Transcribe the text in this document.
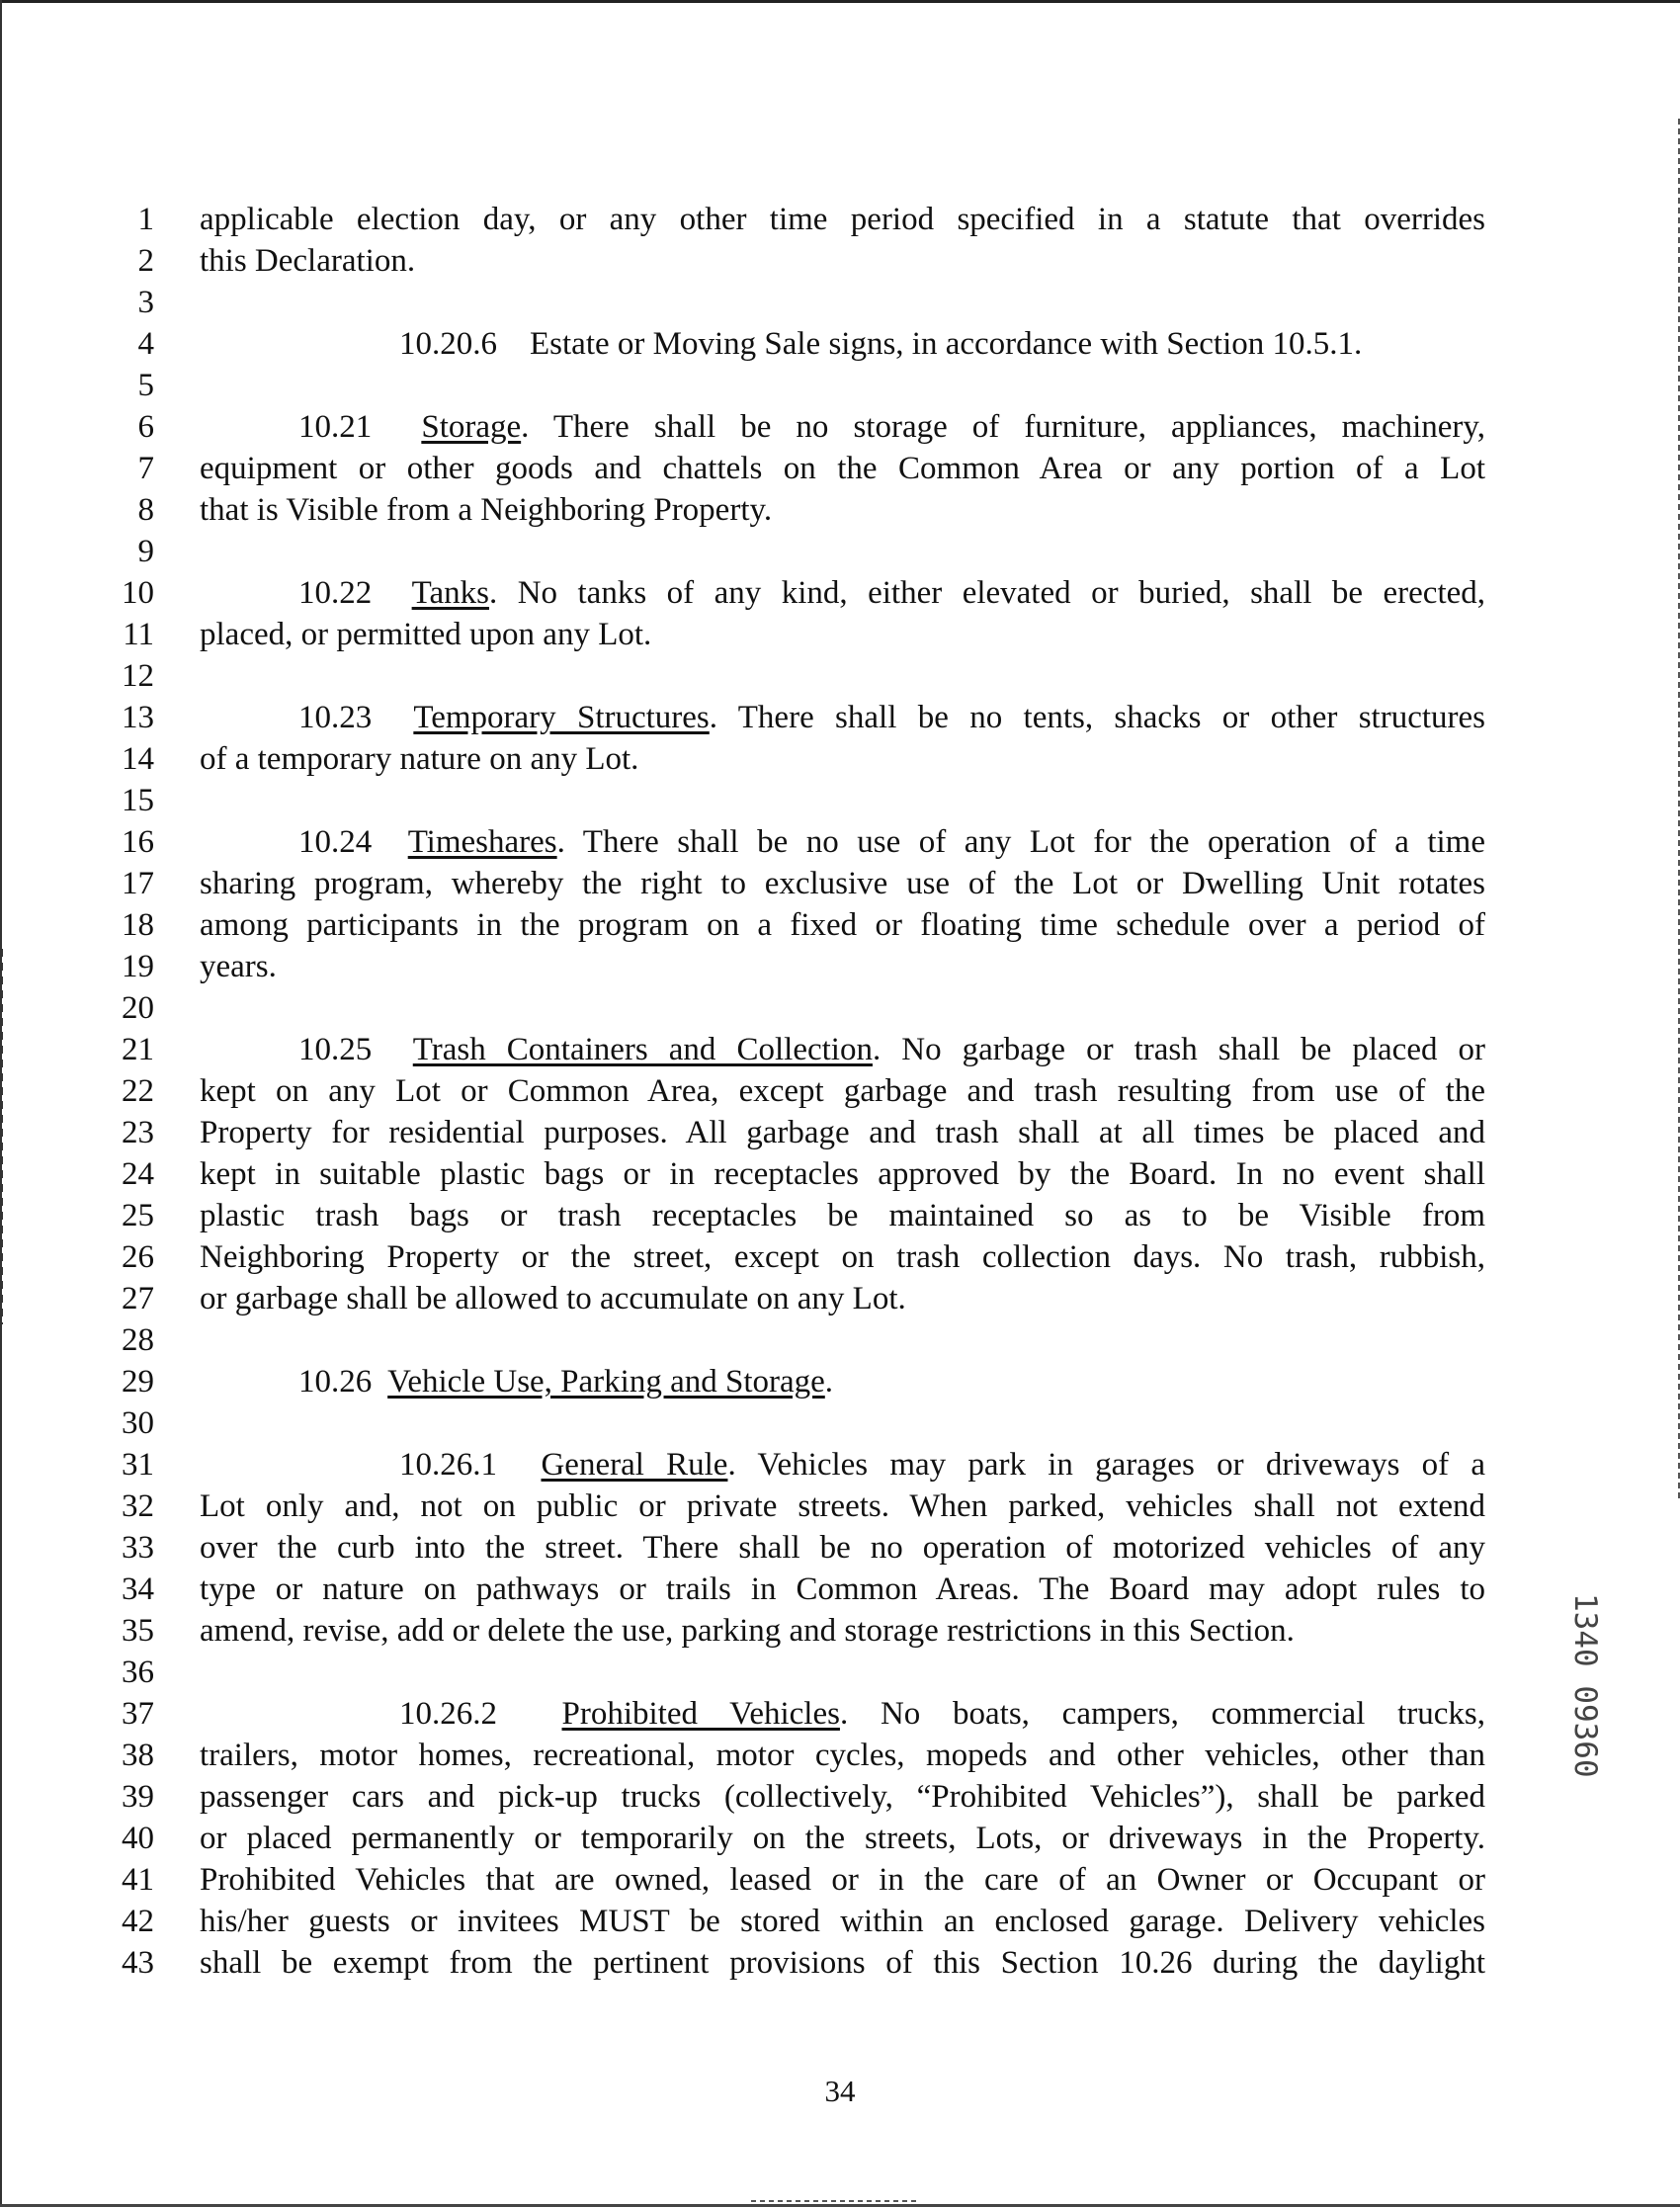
1 applicable election day, or any other time period specified in a statute that overrides
2 this Declaration.
3
4	10.20.6    Estate or Moving Sale signs, in accordance with Section 10.5.1.
5
6	10.21  Storage. There shall be no storage of furniture, appliances, machinery,
7 equipment or other goods and chattels on the Common Area or any portion of a Lot
8 that is Visible from a Neighboring Property.
9
10	10.22  Tanks. No tanks of any kind, either elevated or buried, shall be erected,
11 placed, or permitted upon any Lot.
12
13	10.23  Temporary Structures. There shall be no tents, shacks or other structures
14 of a temporary nature on any Lot.
15
16	10.24  Timeshares. There shall be no use of any Lot for the operation of a time
17 sharing program, whereby the right to exclusive use of the Lot or Dwelling Unit rotates
18 among participants in the program on a fixed or floating time schedule over a period of
19 years.
20
21	10.25  Trash Containers and Collection. No garbage or trash shall be placed or
22 kept on any Lot or Common Area, except garbage and trash resulting from use of the
23 Property for residential purposes. All garbage and trash shall at all times be placed and
24 kept in suitable plastic bags or in receptacles approved by the Board. In no event shall
25 plastic trash bags or trash receptacles be maintained so as to be Visible from
26 Neighboring Property or the street, except on trash collection days. No trash, rubbish,
27 or garbage shall be allowed to accumulate on any Lot.
28
29	10.26  Vehicle Use, Parking and Storage.
30
31	10.26.1  General Rule. Vehicles may park in garages or driveways of a
32 Lot only and, not on public or private streets. When parked, vehicles shall not extend
33 over the curb into the street. There shall be no operation of motorized vehicles of any
34 type or nature on pathways or trails in Common Areas. The Board may adopt rules to
35 amend, revise, add or delete the use, parking and storage restrictions in this Section.
36
37	10.26.2  Prohibited Vehicles. No boats, campers, commercial trucks,
38 trailers, motor homes, recreational, motor cycles, mopeds and other vehicles, other than
39 passenger cars and pick-up trucks (collectively, “Prohibited Vehicles”), shall be parked
40 or placed permanently or temporarily on the streets, Lots, or driveways in the Property.
41 Prohibited Vehicles that are owned, leased or in the care of an Owner or Occupant or
42 his/her guests or invitees MUST be stored within an enclosed garage. Delivery vehicles
43 shall be exempt from the pertinent provisions of this Section 10.26 during the daylight
1340 09360
34
